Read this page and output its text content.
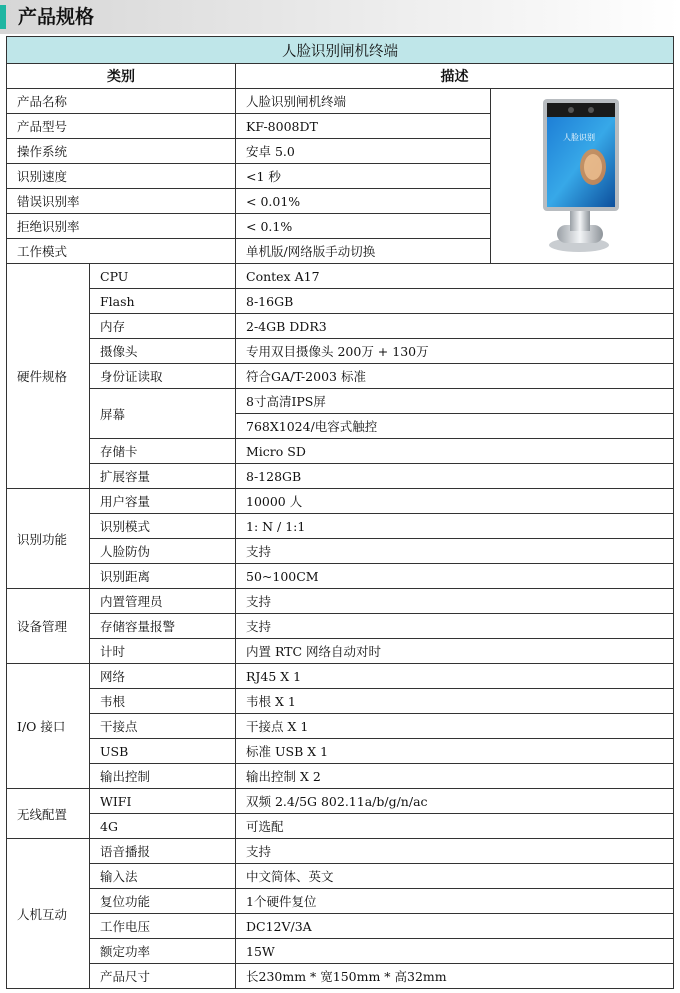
产品规格
人脸识别闸机终端			
类别		描述	
产品名称		人脸识别闸机终端	人脸识别

产品型号		KF-8008DT	
操作系统		安卓 5.0	
识别速度		<1 秒	
错误识别率		< 0.01%	
拒绝识别率		< 0.1%	
工作模式		单机版/网络版手动切换	
硬件规格	CPU	Contex A17	
	Flash	8-16GB	
	内存	2-4GB DDR3	
	摄像头	专用双目摄像头 200万 + 130万	
	身份证读取	符合GA/T-2003 标准	
	屏幕	8寸高清IPS屏	
		768X1024/电容式触控	
	存储卡	Micro SD	
	扩展容量	8-128GB	
识别功能	用户容量	10000 人	
	识别模式	1: N / 1:1	
	人脸防伪	支持	
	识别距离	50~100CM	
设备管理	内置管理员	支持	
	存储容量报警	支持	
	计时	内置 RTC 网络自动对时	
I/O 接口	网络	RJ45 X 1	
	韦根	韦根 X 1	
	干接点	干接点 X 1	
	USB	标准 USB X 1	
	输出控制	输出控制 X 2	
无线配置	WIFI	双频 2.4/5G 802.11a/b/g/n/ac	
	4G	可选配	
人机互动	语音播报	支持	
	输入法	中文简体、英文	
	复位功能	1个硬件复位	
	工作电压	DC12V/3A	
	额定功率	15W	
	产品尺寸	长230mm * 宽150mm * 高32mm	
